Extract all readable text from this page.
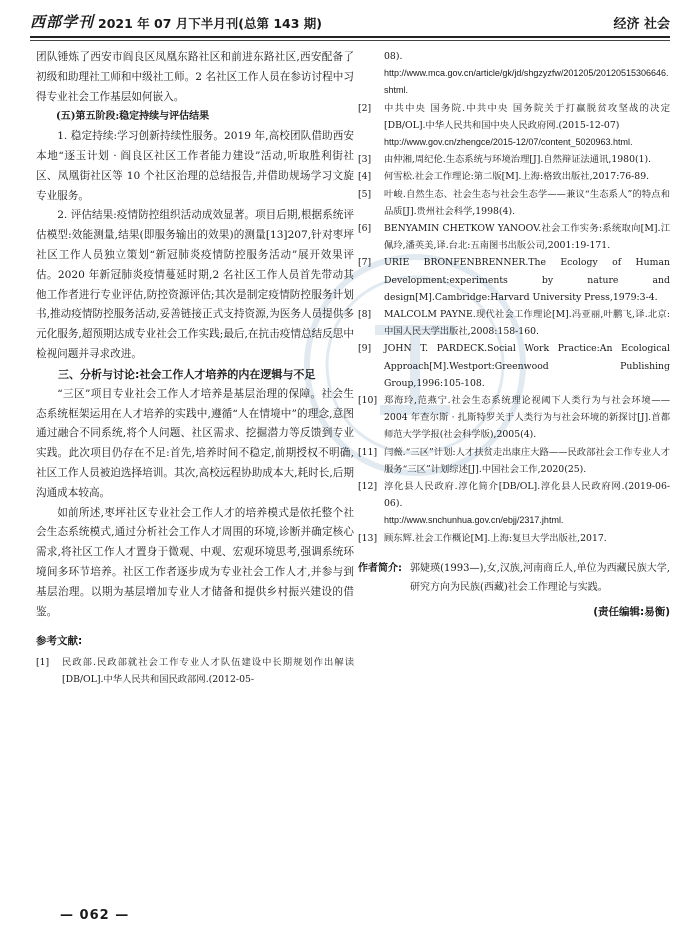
西部学刊 2021 年 07 月下半月刊(总第 143 期)	经济 社会

团队锤炼了西安市阎良区凤凰东路社区和前进东路社区,西安配备了初级和助理社工师和中级社工师。2 名社区工作人员在参访讨程中习得专业社会工作基层如何嵌入。

(五)第五阶段:稳定持续与评估结果

1. 稳定持续:学习创新持续性服务。2019 年,高校团队借助西安本地“逐玉计划 · 阎良区社区工作者能力建设”活动,听取胜利街社区、凤凰街社区等 10 个社区治理的总结报告,并借助规场学习文旋专业服务。

2. 评估结果:疫情防控组织活动成效显著。项目后期,根据系统评估模型:效能测量,结果(即服务输出的效果)的测量[13]207,针对枣坪社区工作人员独立策划“新冠肺炎疫情防控服务活动”展开效果评估。2020 年新冠肺炎疫情蔓延时期,2 名社区工作人员首先带动其他工作者进行专业评估,防控资源评估;其次是制定疫情防控服务计划书,推动疫情防控服务活动,妥善链接正式支持资源,为医务人员提供多元化服务,超预期达成专业社会工作实践;最后,在抗击疫情总结反思中检视问题并寻求改进。

三、分析与讨论:社会工作人才培养的内在逻辑与不足

“三区”项目专业社会工作人才培养是基层治理的保障。社会生态系统框架运用在人才培养的实践中,遵循“人在情境中”的理念,意图通过融合不同系统,将个人问题、社区需求、挖掘潜力等反馈到专业实践。此次项目仍存在不足:首先,培养时间不稳定,前期授权不明确,社区工作人员被迫选择培训。其次,高校远程协助成本大,耗时长,后期沟通成本较高。

如前所述,枣坪社区专业社会工作人才的培养模式是依托整个社会生态系统模式,通过分析社会工作人才周围的环境,诊断并确定核心需求,将社区工作人才置身于微观、中观、宏观环境思考,强调系统环境间多环节培养。社区工作者逐步成为专业社会工作人才,并参与到基层治理。以期为基层增加专业人才储备和提供乡村振兴建设的借鉴。

参考文献:
[1]	民政部.民政部就社会工作专业人才队伍建设中长期规划作出解读[DB/OL].中华人民共和国民政部网.(2012-05-
08).
http://www.mca.gov.cn/article/gk/jd/shgzyzfw/201205/20120515306646.shtml.
[2]	中共中央 国务院.中共中央 国务院关于打赢脱贫攻坚战的决定[DB/OL].中华人民共和国中央人民政府网.(2015-12-07)
http://www.gov.cn/zhengce/2015-12/07/content_5020963.html.
[3]	由仲湘,周纪伦.生态系统与环境治理[J].自然辩证法通讯,1980(1).
[4]	何雪松.社会工作理论:第二版[M].上海:格致出版社,2017:76-89.
[5]	叶峻.自然生态、社会生态与社会生态学——兼议“生态系人”的特点和品质[J].贵州社会科学,1998(4).
[6]	BENYAMIN CHETKOW YANOOV.社会工作实务:系统取向[M].江佩玲,潘英美,译.台北:五南图书出版公司,2001:19-171.
[7]	URIE BRONFENBRENNER.The Ecology of Human Development:experiments by nature and design[M].Cambridge:Harvard University Press,1979:3-4.
[8]	MALCOLM PAYNE.现代社会工作理论[M].冯亚丽,叶鹏飞,译.北京:中国人民大学出版社,2008:158-160.
[9]	JOHN T. PARDECK.Social Work Practice:An Ecological Approach[M].Westport:Greenwood Publishing Group,1996:105-108.
[10] 郑海玲,范燕宁.社会生态系统理论视阈下人类行为与社会环境——2004 年查尔斯 · 扎斯特罗关于人类行为与社会环境的新探讨[J].首都师范大学学报(社会科学版),2005(4).
[11] 闫薇.“三区”计划:人才扶贫走出康庄大路——民政部社会工作专业人才服务“三区”计划综述[J].中国社会工作,2020(25).
[12] 淳化县人民政府.淳化简介[DB/OL].淳化县人民政府网.(2019-06-06).
http://www.snchunhua.gov.cn/ebjj/2317.jhtml.
[13] 顾东辉.社会工作概论[M].上海:复旦大学出版社,2017.
作者简介: 郭婕瑛(1993—),女,汉族,河南商丘人,单位为西藏民族大学,研究方向为民族(西藏)社会工作理论与实践。
(责任编辑:易衡)
— 062 —
